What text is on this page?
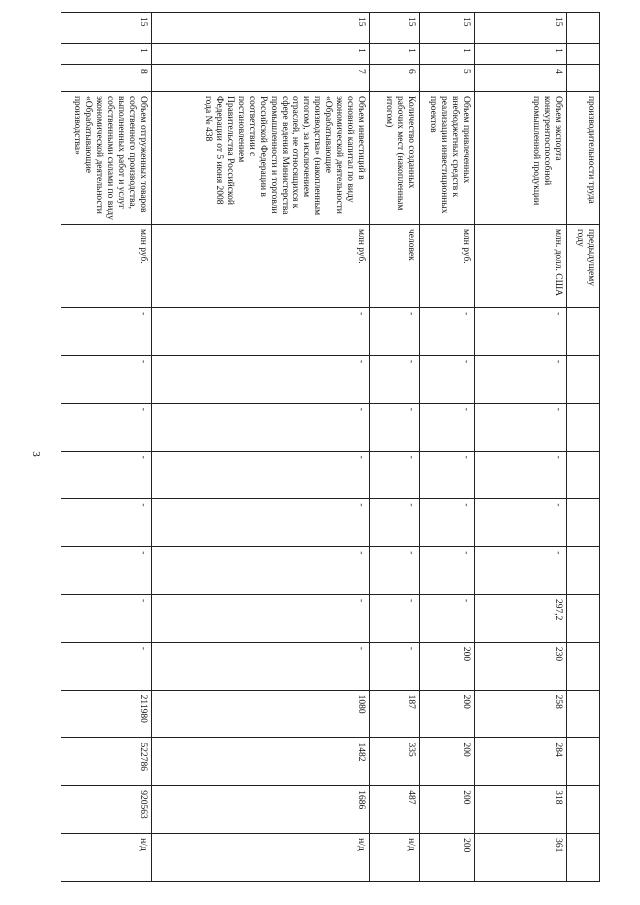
3
			производительности труда	предыдущему году												
15	1	4	Объем экспорта конкурентоспособной промышленной продукции	млн. долл. США	-	-	-	-	-	-	297,2	230	258	284	318	361
15	1	5	Объем привлеченных внебюджетных средств к реализации инвестиционных проектов	млн руб.	-	-	-	-	-	-	-	200	200	200	200	200
15	1	6	Количество созданных рабочих мест (накопленным итогом)	человек	-	-	-	-	-	-	-	-	187	335	487	н/д
15	1	7	Объем инвестиций в основной капитал по виду экономической деятельности «Обрабатывающие производства» (накопленным итогом), за исключением отраслей, не относящихся к сфере ведения Министерства промышленности и торговли Российской Федерации в соответствии с постановлением Правительства Российской Федерации от 5 июня 2008 года № 438	млн руб.	-	-	-	-	-	-	-	-	1080	1482	1686	н/д
15	1	8	Объем отгруженных товаров собственного производства, выполненных работ и услуг собственными силами по виду экономической деятельности «Обрабатывающие производства»	млн руб.	-	-	-	-	-	-	-	-	211980	522786	920563	н/д
